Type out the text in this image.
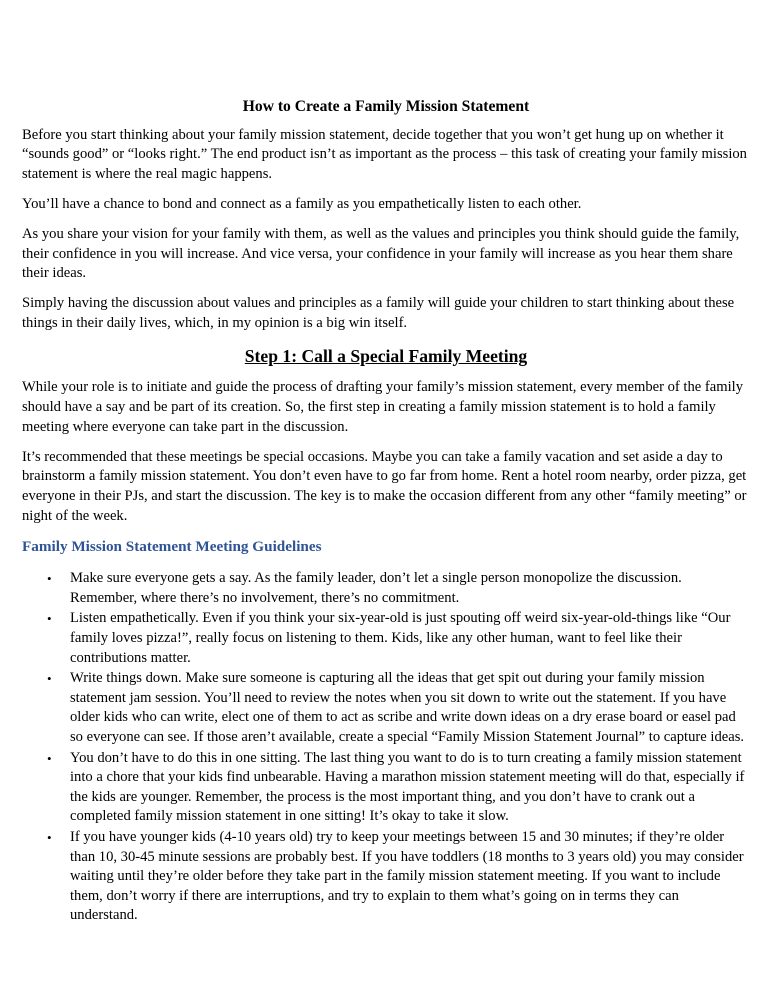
How to Create a Family Mission Statement

Before you start thinking about your family mission statement, decide together that you won’t get hung up on whether it “sounds good” or “looks right.” The end product isn’t as important as the process – this task of creating your family mission statement is where the real magic happens.

You’ll have a chance to bond and connect as a family as you empathetically listen to each other.

As you share your vision for your family with them, as well as the values and principles you think should guide the family, their confidence in you will increase. And vice versa, your confidence in your family will increase as you hear them share their ideas.

Simply having the discussion about values and principles as a family will guide your children to start thinking about these things in their daily lives, which, in my opinion is a big win itself.

Step 1: Call a Special Family Meeting

While your role is to initiate and guide the process of drafting your family’s mission statement, every member of the family should have a say and be part of its creation. So, the first step in creating a family mission statement is to hold a family meeting where everyone can take part in the discussion.

It’s recommended that these meetings be special occasions. Maybe you can take a family vacation and set aside a day to brainstorm a family mission statement. You don’t even have to go far from home. Rent a hotel room nearby, order pizza, get everyone in their PJs, and start the discussion. The key is to make the occasion different from any other “family meeting” or night of the week.

Family Mission Statement Meeting Guidelines
• Make sure everyone gets a say. As the family leader, don’t let a single person monopolize the discussion. Remember, where there’s no involvement, there’s no commitment.
• Listen empathetically. Even if you think your six-year-old is just spouting off weird six-year-old-things like “Our family loves pizza!”, really focus on listening to them. Kids, like any other human, want to feel like their contributions matter.
• Write things down. Make sure someone is capturing all the ideas that get spit out during your family mission statement jam session. You’ll need to review the notes when you sit down to write out the statement. If you have older kids who can write, elect one of them to act as scribe and write down ideas on a dry erase board or easel pad so everyone can see. If those aren’t available, create a special “Family Mission Statement Journal” to capture ideas.
• You don’t have to do this in one sitting. The last thing you want to do is to turn creating a family mission statement into a chore that your kids find unbearable. Having a marathon mission statement meeting will do that, especially if the kids are younger. Remember, the process is the most important thing, and you don’t have to crank out a completed family mission statement in one sitting! It’s okay to take it slow.
• If you have younger kids (4-10 years old) try to keep your meetings between 15 and 30 minutes; if they’re older than 10, 30-45 minute sessions are probably best. If you have toddlers (18 months to 3 years old) you may consider waiting until they’re older before they take part in the family mission statement meeting. If you want to include them, don’t worry if there are interruptions, and try to explain to them what’s going on in terms they can understand.
